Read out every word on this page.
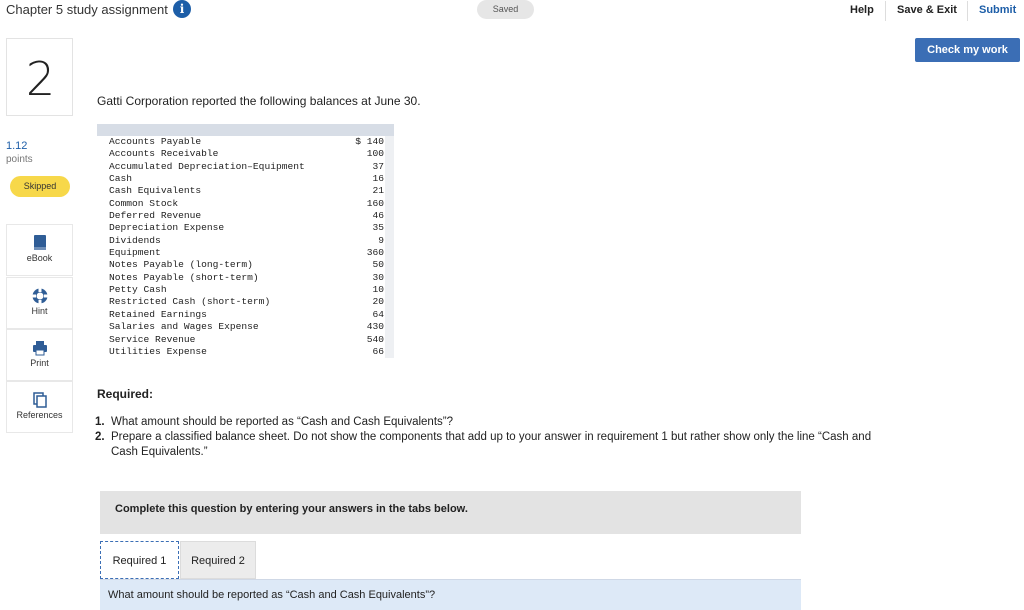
Chapter 5 study assignment i	Saved	Help Save & Exit Submit
Check my work
2
1.12
points
Skipped
eBook
Hint
Print
References
Gatti Corporation reported the following balances at June 30.
Accounts Payable	$ 140
Accounts Receivable	100
Accumulated Depreciation–Equipment	37
Cash	16
Cash Equivalents	21
Common Stock	160
Deferred Revenue	46
Depreciation Expense	35
Dividends	9
Equipment	360
Notes Payable (long-term)	50
Notes Payable (short-term)	30
Petty Cash	10
Restricted Cash (short-term)	20
Retained Earnings	64
Salaries and Wages Expense	430
Service Revenue	540
Utilities Expense	66
Required:
1. What amount should be reported as “Cash and Cash Equivalents”?
2. Prepare a classified balance sheet. Do not show the components that add up to your answer in requirement 1 but rather show only the line “Cash and Cash Equivalents.”
Complete this question by entering your answers in the tabs below.
Required 1	Required 2
What amount should be reported as “Cash and Cash Equivalents”?
